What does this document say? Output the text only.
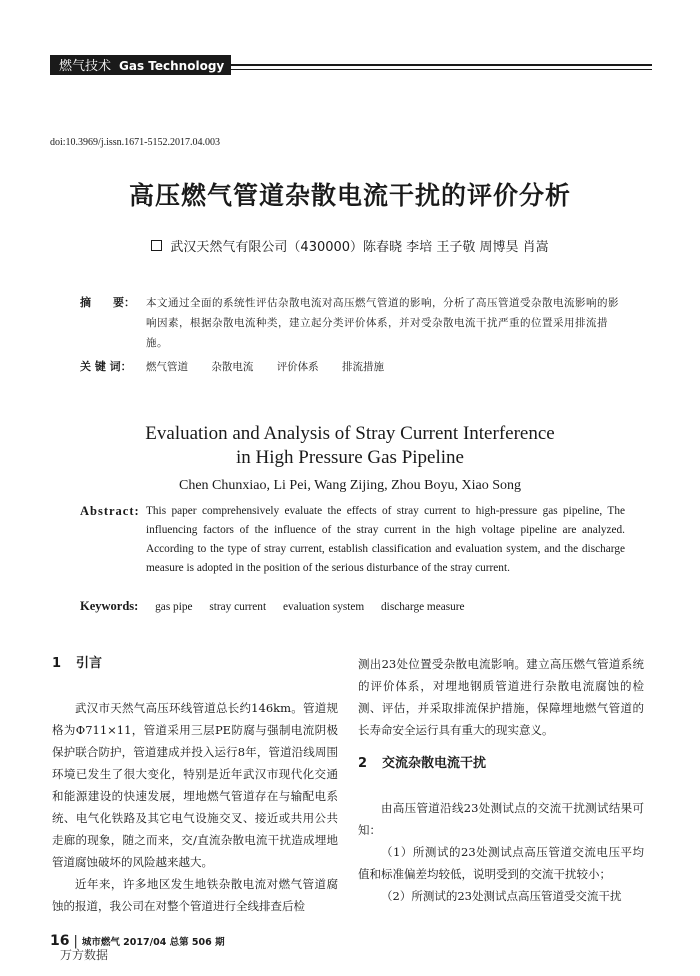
燃气技术 Gas Technology
doi:10.3969/j.issn.1671-5152.2017.04.003
高压燃气管道杂散电流干扰的评价分析
武汉天然气有限公司（430000）陈春晓 李培 王子敬 周博昊 肖嵩
摘　　要： 本文通过全面的系统性评估杂散电流对高压燃气管道的影响，分析了高压管道受杂散电流影响的影响因素，根据杂散电流种类，建立起分类评价体系，并对受杂散电流干扰严重的位置采用排流措施。
关 键 词： 燃气管道 杂散电流 评价体系 排流措施
Evaluation and Analysis of Stray Current Interference
in High Pressure Gas Pipeline
Chen Chunxiao, Li Pei, Wang Zijing, Zhou Boyu, Xiao Song
Abstract: This paper comprehensively evaluate the effects of stray current to high-pressure gas pipeline, The influencing factors of the influence of the stray current in the high voltage pipeline are analyzed. According to the type of stray current, establish classification and evaluation system, and the discharge measure is adopted in the position of the serious disturbance of the stray current.
Keywords: gas pipe stray current evaluation system discharge measure
1 引言

武汉市天然气高压环线管道总长约146km。管道规格为Φ711×11，管道采用三层PE防腐与强制电流阴极保护联合防护，管道建成并投入运行8年，管道沿线周围环境已发生了很大变化，特别是近年武汉市现代化交通和能源建设的快速发展，埋地燃气管道存在与输配电系统、电气化铁路及其它电气设施交叉、接近或共用公共走廊的现象，随之而来，交/直流杂散电流干扰造成埋地管道腐蚀破坏的风险越来越大。

近年来，许多地区发生地铁杂散电流对燃气管道腐蚀的报道，我公司在对整个管道进行全线排查后检

测出23处位置受杂散电流影响。建立高压燃气管道系统的评价体系，对埋地钢质管道进行杂散电流腐蚀的检测、评估，并采取排流保护措施，保障埋地燃气管道的长寿命安全运行具有重大的现实意义。

2 交流杂散电流干扰

由高压管道沿线23处测试点的交流干扰测试结果可知：

（1）所测试的23处测试点高压管道交流电压平均值和标准偏差均较低，说明受到的交流干扰较小；

（2）所测试的23处测试点高压管道受交流干扰

16 | 城市燃气 2017/04 总第 506 期
万方数据
